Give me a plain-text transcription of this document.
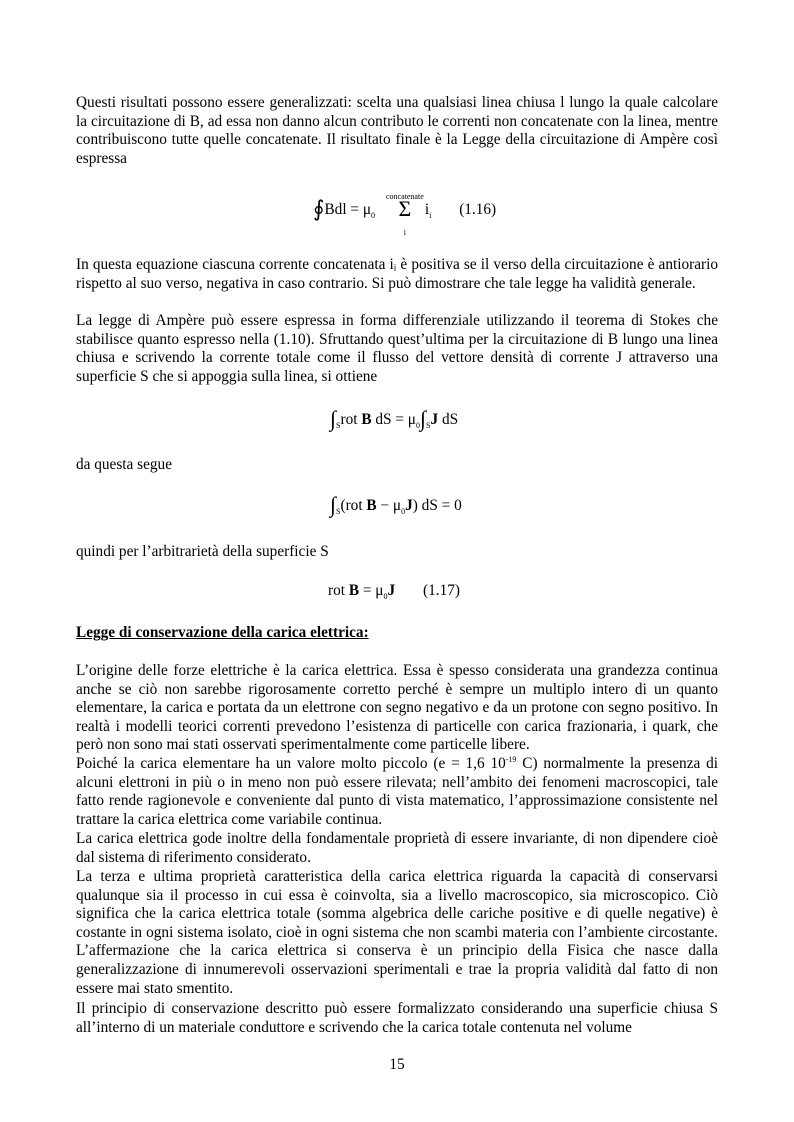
Questi risultati possono essere generalizzati: scelta una qualsiasi linea chiusa l lungo la quale calcolare la circuitazione di B, ad essa non danno alcun contributo le correnti non concatenate con la linea, mentre contribuiscono tutte quelle concatenate. Il risultato finale è la Legge della circuitazione di Ampère così espressa

∮Bdl = $\mu_0$
concatenate
Σ
i
$i_i$ (1.16)

In questa equazione ciascuna corrente concatenata iᵢ è positiva se il verso della circuitazione è antiorario rispetto al suo verso, negativa in caso contrario. Si può dimostrare che tale legge ha validità generale.

La legge di Ampère può essere espressa in forma differenziale utilizzando il teorema di Stokes che stabilisce quanto espresso nella (1.10). Sfruttando quest’ultima per la circuitazione di B lungo una linea chiusa e scrivendo la corrente totale come il flusso del vettore densità di corrente J attraverso una superficie S che si appoggia sulla linea, si ottiene

$\int_Srot$ B dS = $\mu_0\int_SJ$ dS

da questa segue

$\int_S(rot$ $B - \mu_0J$) dS = 0

quindi per l’arbitrarietà della superficie S

rot $B = \mu_0J$ (1.17)

Legge di conservazione della carica elettrica:

L’origine delle forze elettriche è la carica elettrica. Essa è spesso considerata una grandezza continua anche se ciò non sarebbe rigorosamente corretto perché è sempre un multiplo intero di un quanto elementare, la carica e portata da un elettrone con segno negativo e da un protone con segno positivo. In realtà i modelli teorici correnti prevedono l’esistenza di particelle con carica frazionaria, i quark, che però non sono mai stati osservati sperimentalmente come particelle libere.

Poiché la carica elementare ha un valore molto piccolo (e = 1,6 $10^{-19}$ C) normalmente la presenza di alcuni elettroni in più o in meno non può essere rilevata; nell’ambito dei fenomeni macroscopici, tale fatto rende ragionevole e conveniente dal punto di vista matematico, l’approssimazione consistente nel trattare la carica elettrica come variabile continua.

La carica elettrica gode inoltre della fondamentale proprietà di essere invariante, di non dipendere cioè dal sistema di riferimento considerato.

La terza e ultima proprietà caratteristica della carica elettrica riguarda la capacità di conservarsi qualunque sia il processo in cui essa è coinvolta, sia a livello macroscopico, sia microscopico. Ciò significa che la carica elettrica totale (somma algebrica delle cariche positive e di quelle negative) è costante in ogni sistema isolato, cioè in ogni sistema che non scambi materia con l’ambiente circostante. L’affermazione che la carica elettrica si conserva è un principio della Fisica che nasce dalla generalizzazione di innumerevoli osservazioni sperimentali e trae la propria validità dal fatto di non essere mai stato smentito.

Il principio di conservazione descritto può essere formalizzato considerando una superficie chiusa S all’interno di un materiale conduttore e scrivendo che la carica totale contenuta nel volume

15
